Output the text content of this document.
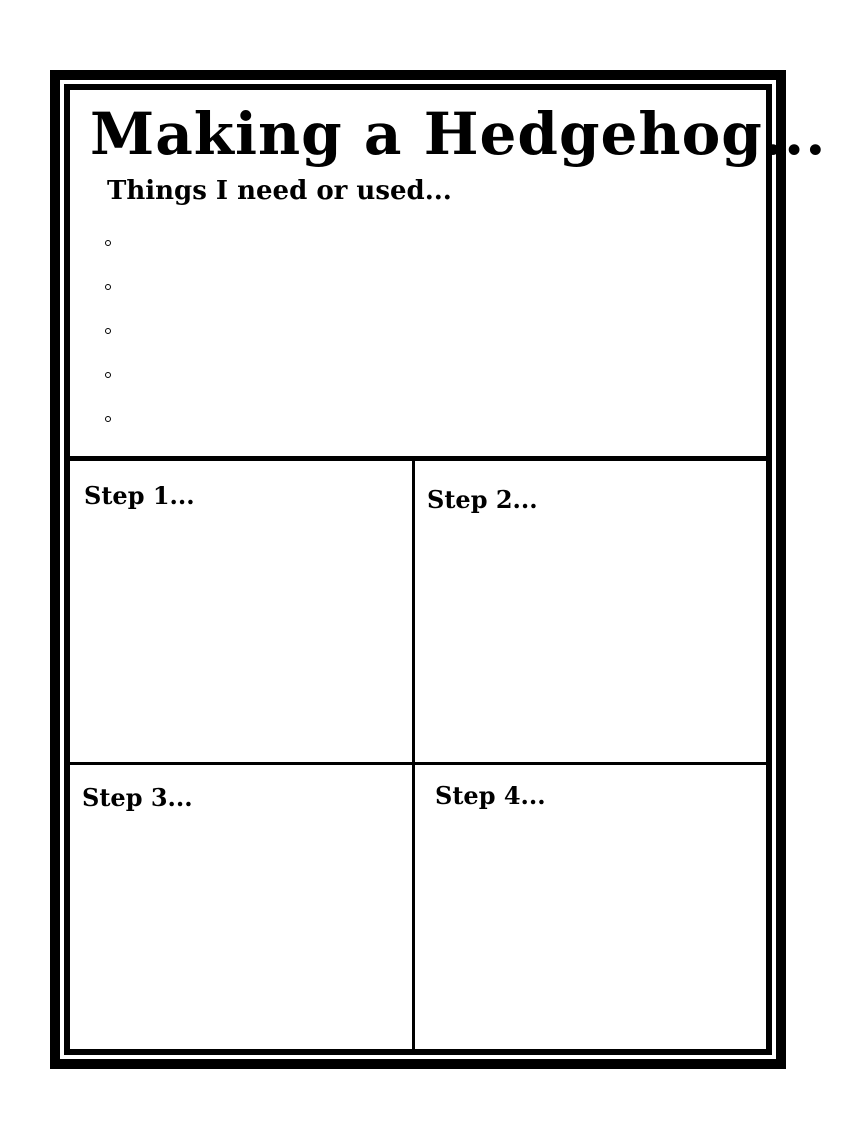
Making a Hedgehog...
Things I need or used...
Step 1...	Step 2...
Step 3...	Step 4...
